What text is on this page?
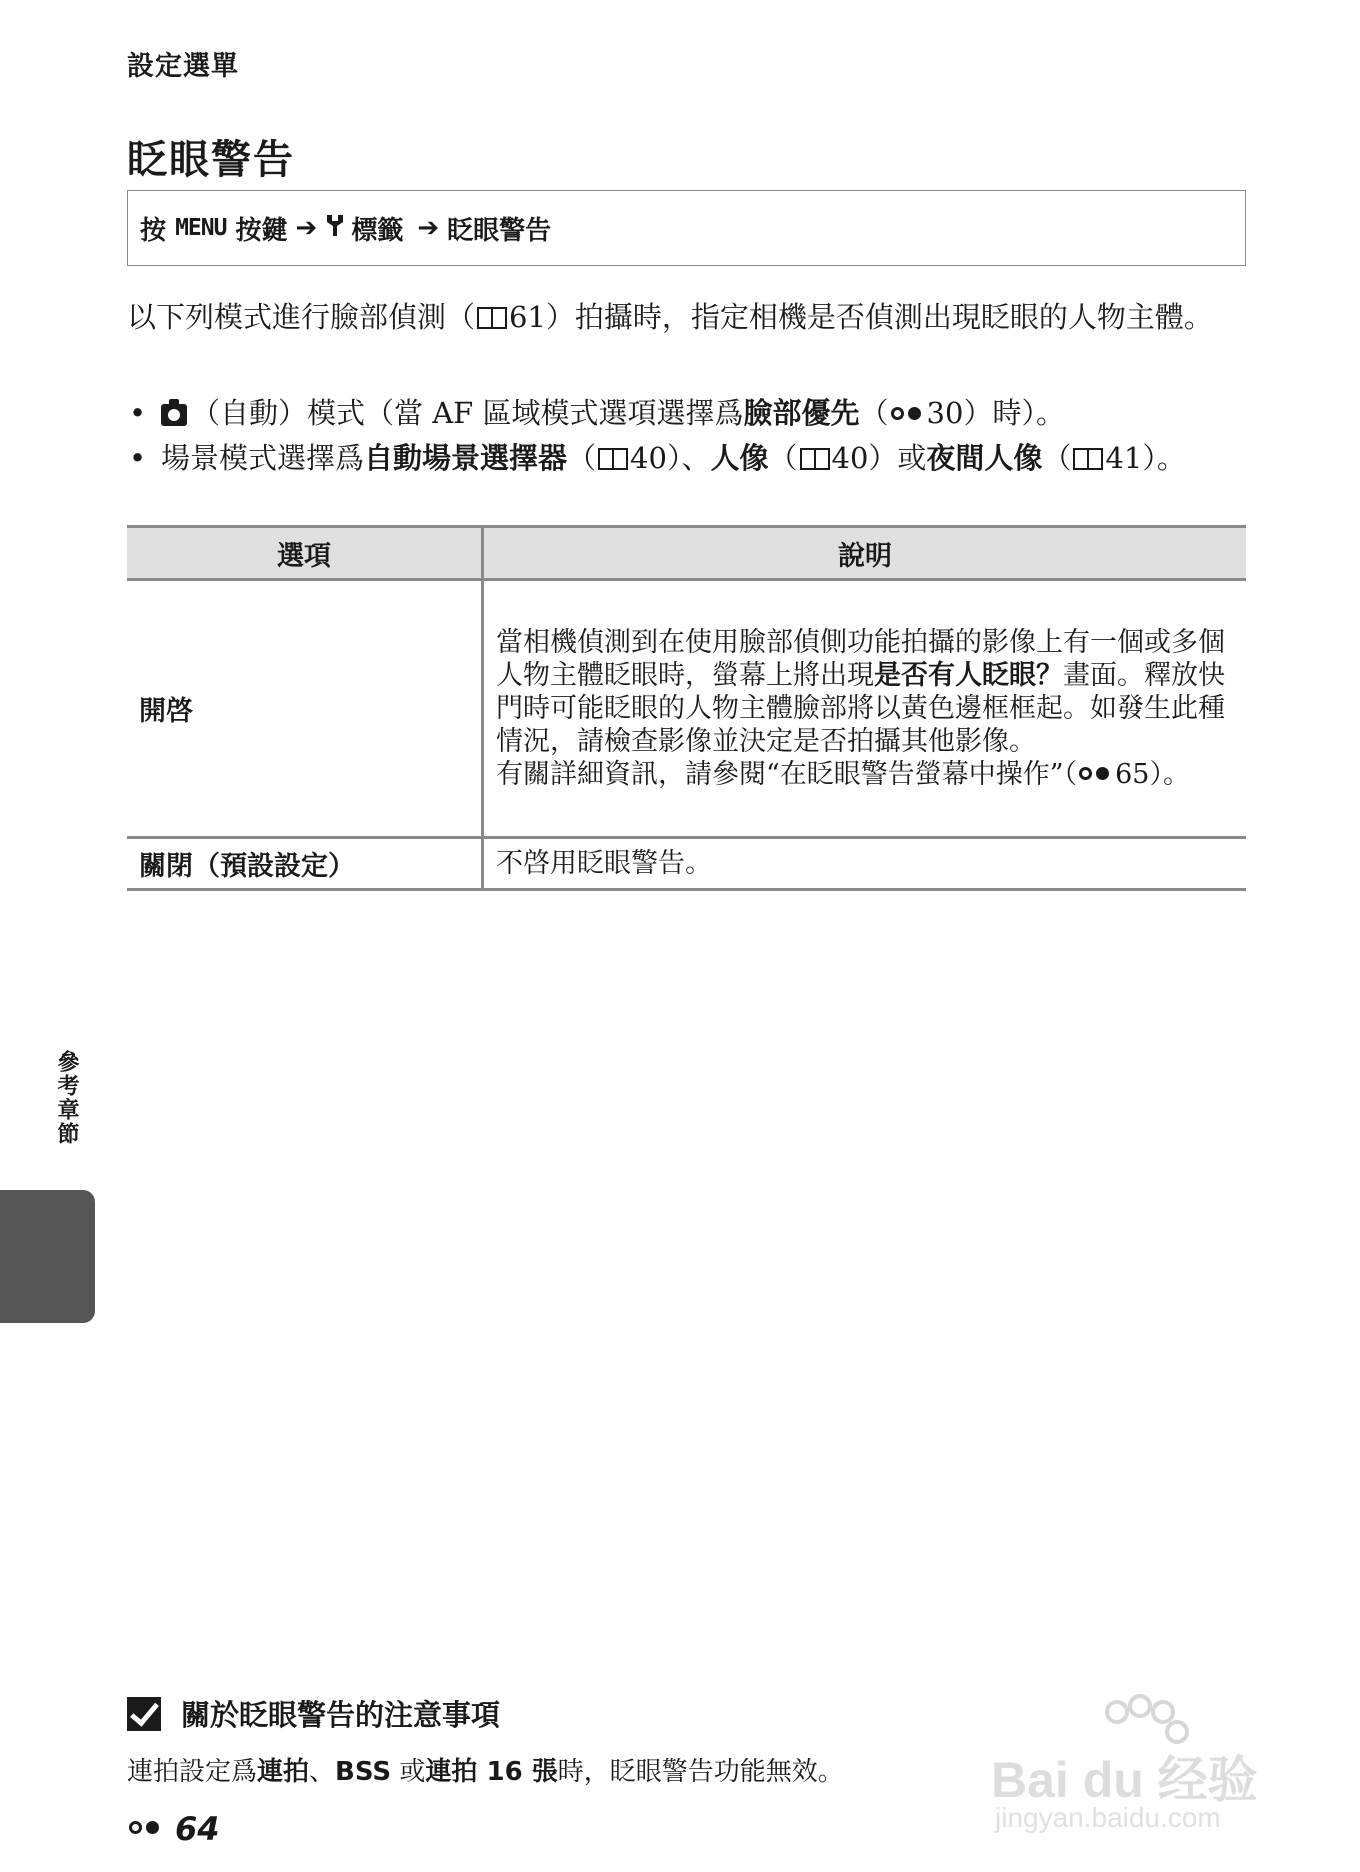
設定選單
眨眼警告
按
MENU
按鍵 ➔ 標籤 ➔ 眨眼警告
以下列模式進行臉部偵測（ 61）拍攝時，指定相機是否偵測出現眨眼的人物主體。
• （自動）模式（當 AF 區域模式選項選擇爲臉部優先（ 30）時）。
• 場景模式選擇爲自動場景選擇器（ 40）、人像（ 40）或夜間人像（ 41）。
選項	說明
開啓	當相機偵測到在使用臉部偵側功能拍攝的影像上有一個或多個人物主體眨眼時，螢幕上將出現是否有人眨眼？畫面。釋放快門時可能眨眼的人物主體臉部將以黃色邊框框起。如發生此種情況，請檢查影像並決定是否拍攝其他影像。
有關詳細資訊，請參閱“在眨眼警告螢幕中操作”（ 65）。
關閉（預設設定）	不啓用眨眼警告。
參考章節
關於眨眼警告的注意事項
連拍設定爲連拍、BSS 或連拍 16 張時，眨眼警告功能無效。
64
Bai du 经验
jingyan.baidu.com
